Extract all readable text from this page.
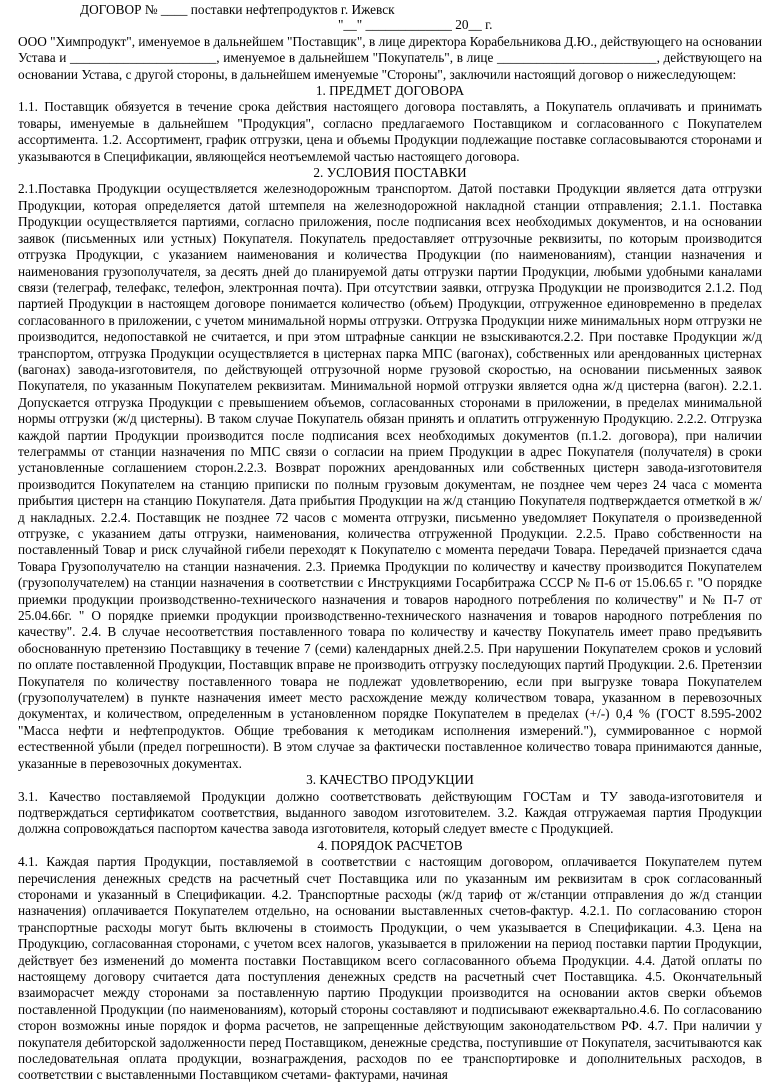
ДОГОВОР № ____ поставки нефтепродуктов г. Ижевск
"__" _____________ 20__ г.

ООО "Химпродукт", именуемое в дальнейшем "Поставщик", в лице директора Корабельникова Д.Ю., действующего на основании Устава и ______________________, именуемое в дальнейшем "Покупатель", в лице ________________________, действующего на основании Устава, с другой стороны, в дальнейшем именуемые "Стороны", заключили настоящий договор о нижеследующем:

1. ПРЕДМЕТ ДОГОВОРА

1.1. Поставщик обязуется в течение срока действия настоящего договора поставлять, а Покупатель оплачивать и принимать товары, именуемые в дальнейшем "Продукция", согласно предлагаемого Поставщиком и согласованного с Покупателем ассортимента. 1.2. Ассортимент, график отгрузки, цена и объемы Продукции подлежащие поставке согласовываются сторонами и указываются в Спецификации, являющейся неотъемлемой частью настоящего договора.

2. УСЛОВИЯ ПОСТАВКИ

2.1.Поставка Продукции осуществляется железнодорожным транспортом. Датой поставки Продукции является дата отгрузки Продукции, которая определяется датой штемпеля на железнодорожной накладной станции отправления; 2.1.1. Поставка Продукции осуществляется партиями, согласно приложения, после подписания всех необходимых документов, и на основании заявок (письменных или устных) Покупателя. Покупатель предоставляет отгрузочные реквизиты, по которым производится отгрузка Продукции, с указанием наименования и количества Продукции (по наименованиям), станции назначения и наименования грузополучателя, за десять дней до планируемой даты отгрузки партии Продукции, любыми удобными каналами связи (телеграф, телефакс, телефон, электронная почта). При отсутствии заявки, отгрузка Продукции не производится 2.1.2. Под партией Продукции в настоящем договоре понимается количество (объем) Продукции, отгруженное единовременно в пределах согласованного в приложении, с учетом минимальной нормы отгрузки. Отгрузка Продукции ниже минимальных норм отгрузки не производится, недопоставкой не считается, и при этом штрафные санкции не взыскиваются.2.2. При поставке Продукции ж/д транспортом, отгрузка Продукции осуществляется в цистернах парка МПС (вагонах), собственных или арендованных цистернах (вагонах) завода-изготовителя, по действующей отгрузочной норме грузовой скоростью, на основании письменных заявок Покупателя, по указанным Покупателем реквизитам. Минимальной нормой отгрузки является одна ж/д цистерна (вагон). 2.2.1. Допускается отгрузка Продукции с превышением объемов, согласованных сторонами в приложении, в пределах минимальной нормы отгрузки (ж/д цистерны). В таком случае Покупатель обязан принять и оплатить отгруженную Продукцию. 2.2.2. Отгрузка каждой партии Продукции производится после подписания всех необходимых документов (п.1.2. договора), при наличии телеграммы от станции назначения по МПС связи о согласии на прием Продукции в адрес Покупателя (получателя) в сроки установленные соглашением сторон.2.2.3. Возврат порожних арендованных или собственных цистерн завода-изготовителя производится Покупателем на станцию приписки по полным грузовым документам, не позднее чем через 24 часа с момента прибытия цистерн на станцию Покупателя. Дата прибытия Продукции на ж/д станцию Покупателя подтверждается отметкой в ж/д накладных. 2.2.4. Поставщик не позднее 72 часов с момента отгрузки, письменно уведомляет Покупателя о произведенной отгрузке, с указанием даты отгрузки, наименования, количества отгруженной Продукции. 2.2.5. Право собственности на поставленный Товар и риск случайной гибели переходят к Покупателю с момента передачи Товара. Передачей признается сдача Товара Грузополучателю на станции назначения. 2.3. Приемка Продукции по количеству и качеству производится Покупателем (грузополучателем) на станции назначения в соответствии с Инструкциями Госарбитража СССР № П-6 от 15.06.65 г. "О порядке приемки продукции производственно-технического назначения и товаров народного потребления по количеству" и № П-7 от 25.04.66г. " О порядке приемки продукции производственно-технического назначения и товаров народного потребления по качеству". 2.4. В случае несоответствия поставленного товара по количеству и качеству Покупатель имеет право предъявить обоснованную претензию Поставщику в течение 7 (семи) календарных дней.2.5. При нарушении Покупателем сроков и условий по оплате поставленной Продукции, Поставщик вправе не производить отгрузку последующих партий Продукции. 2.6. Претензии Покупателя по количеству поставленного товара не подлежат удовлетворению, если при выгрузке товара Покупателем (грузополучателем) в пункте назначения имеет место расхождение между количеством товара, указанном в перевозочных документах, и количеством, определенным в установленном порядке Покупателем в пределах (+/-) 0,4 % (ГОСТ 8.595-2002 "Масса нефти и нефтепродуктов. Общие требования к методикам исполнения измерений."), суммированное с нормой естественной убыли (предел погрешности). В этом случае за фактически поставленное количество товара принимаются данные, указанные в перевозочных документах.

3. КАЧЕСТВО ПРОДУКЦИИ

3.1. Качество поставляемой Продукции должно соответствовать действующим ГОСТам и ТУ завода-изготовителя и подтверждаться сертификатом соответствия, выданного заводом изготовителем. 3.2. Каждая отгружаемая партия Продукции должна сопровождаться паспортом качества завода изготовителя, который следует вместе с Продукцией.

4. ПОРЯДОК РАСЧЕТОВ

4.1. Каждая партия Продукции, поставляемой в соответствии с настоящим договором, оплачивается Покупателем путем перечисления денежных средств на расчетный счет Поставщика или по указанным им реквизитам в срок согласованный сторонами и указанный в Спецификации. 4.2. Транспортные расходы (ж/д тариф от ж/станции отправления до ж/д станции назначения) оплачивается Покупателем отдельно, на основании выставленных счетов-фактур. 4.2.1. По согласованию сторон транспортные расходы могут быть включены в стоимость Продукции, о чем указывается в Спецификации. 4.3. Цена на Продукцию, согласованная сторонами, с учетом всех налогов, указывается в приложении на период поставки партии Продукции, действует без изменений до момента поставки Поставщиком всего согласованного объема Продукции. 4.4. Датой оплаты по настоящему договору считается дата поступления денежных средств на расчетный счет Поставщика. 4.5. Окончательный взаиморасчет между сторонами за поставленную партию Продукции производится на основании актов сверки объемов поставленной Продукции (по наименованиям), который стороны составляют и подписывают ежеквартально.4.6. По согласованию сторон возможны иные порядок и форма расчетов, не запрещенные действующим законодательством РФ. 4.7. При наличии у покупателя дебиторской задолженности перед Поставщиком, денежные средства, поступившие от Покупателя, засчитываются как последовательная оплата продукции, вознаграждения, расходов по ее транспортировке и дополнительных расходов, в соответствии с выставленными Поставщиком счетами- фактурами, начиная
